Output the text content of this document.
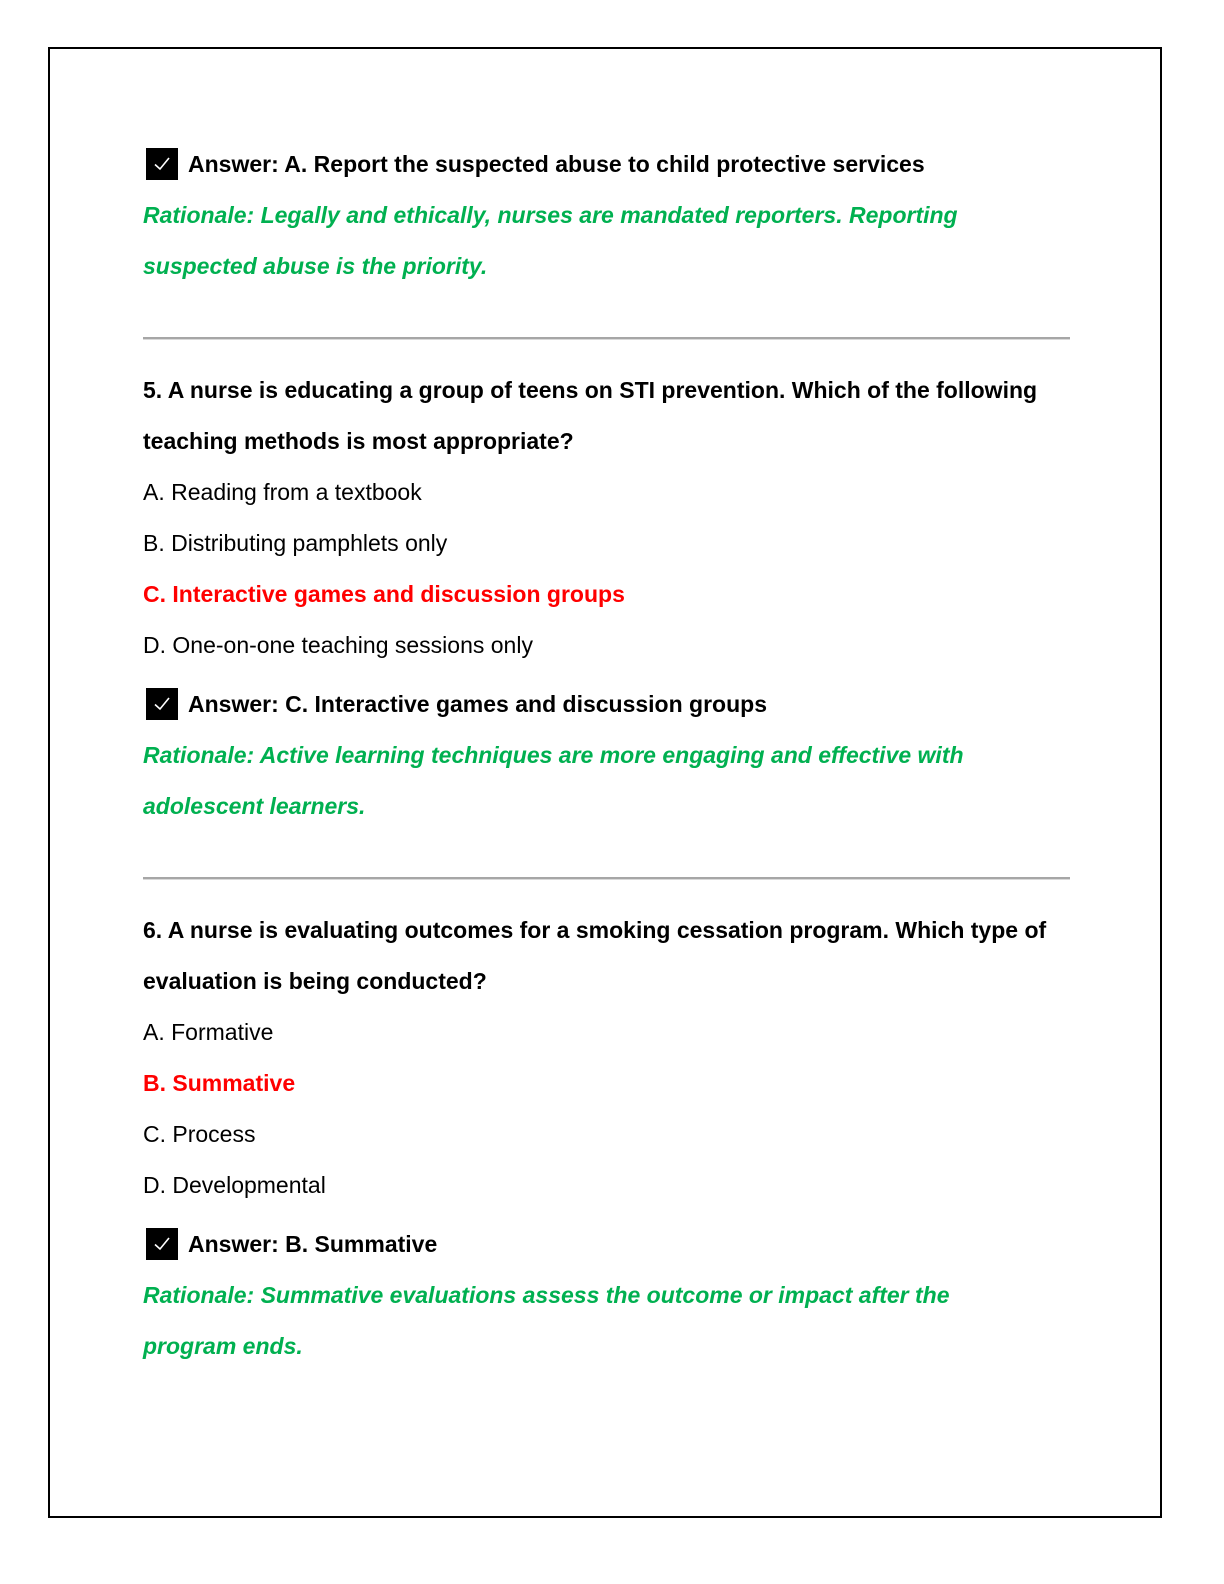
Answer: A. Report the suspected abuse to child protective services
Rationale: Legally and ethically, nurses are mandated reporters. Reporting suspected abuse is the priority.
5. A nurse is educating a group of teens on STI prevention. Which of the following teaching methods is most appropriate?
A. Reading from a textbook
B. Distributing pamphlets only
C. Interactive games and discussion groups
D. One-on-one teaching sessions only
Answer: C. Interactive games and discussion groups
Rationale: Active learning techniques are more engaging and effective with adolescent learners.
6. A nurse is evaluating outcomes for a smoking cessation program. Which type of evaluation is being conducted?
A. Formative
B. Summative
C. Process
D. Developmental
Answer: B. Summative
Rationale: Summative evaluations assess the outcome or impact after the program ends.
